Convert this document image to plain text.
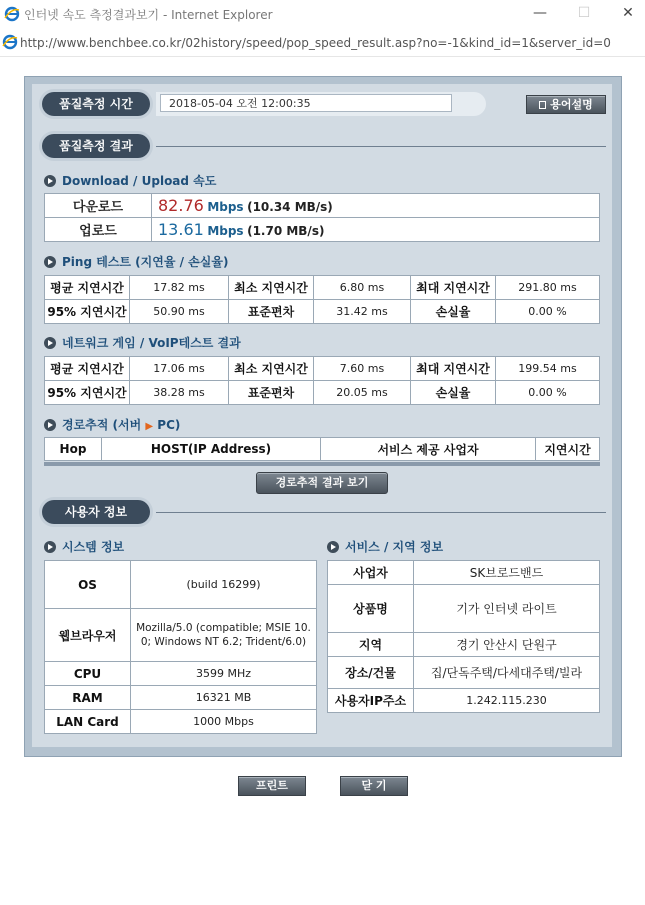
인터넷 속도 측정결과보기 - Internet Explorer	—	☐	✕
http://www.benchbee.co.kr/02history/speed/pop_speed_result.asp?no=-1&kind_id=1&server_id=0
품질측정 시간	2018-05-04 오전 12:00:35	용어설명
품질측정 결과
Download / Upload 속도
다운로드	82.76 Mbps (10.34 MB/s)
업로드	13.61 Mbps (1.70 MB/s)
Ping 테스트 (지연율 / 손실율)
평균 지연시간	17.82 ms	최소 지연시간	6.80 ms	최대 지연시간	291.80 ms
95% 지연시간	50.90 ms	표준편차	31.42 ms	손실율	0.00 %
네트워크 게임 / VoIP테스트 결과
평균 지연시간	17.06 ms	최소 지연시간	7.60 ms	최대 지연시간	199.54 ms
95% 지연시간	38.28 ms	표준편차	20.05 ms	손실율	0.00 %
경로추적 (서버 ▶ PC)
Hop	HOST(IP Address)	서비스 제공 사업자	지연시간
경로추적 결과 보기
사용자 정보
시스템 정보
OS	(build 16299)
웹브라우저	Mozilla/5.0 (compatible; MSIE 10.0; Windows NT 6.2; Trident/6.0)
CPU	3599 MHz
RAM	16321 MB
LAN Card	1000 Mbps
서비스 / 지역 정보
사업자	SK브로드밴드
상품명	기가 인터넷 라이트
지역	경기 안산시 단원구
장소/건물	집/단독주택/다세대주택/빌라
사용자IP주소	1.242.115.230
프린트	닫 기
